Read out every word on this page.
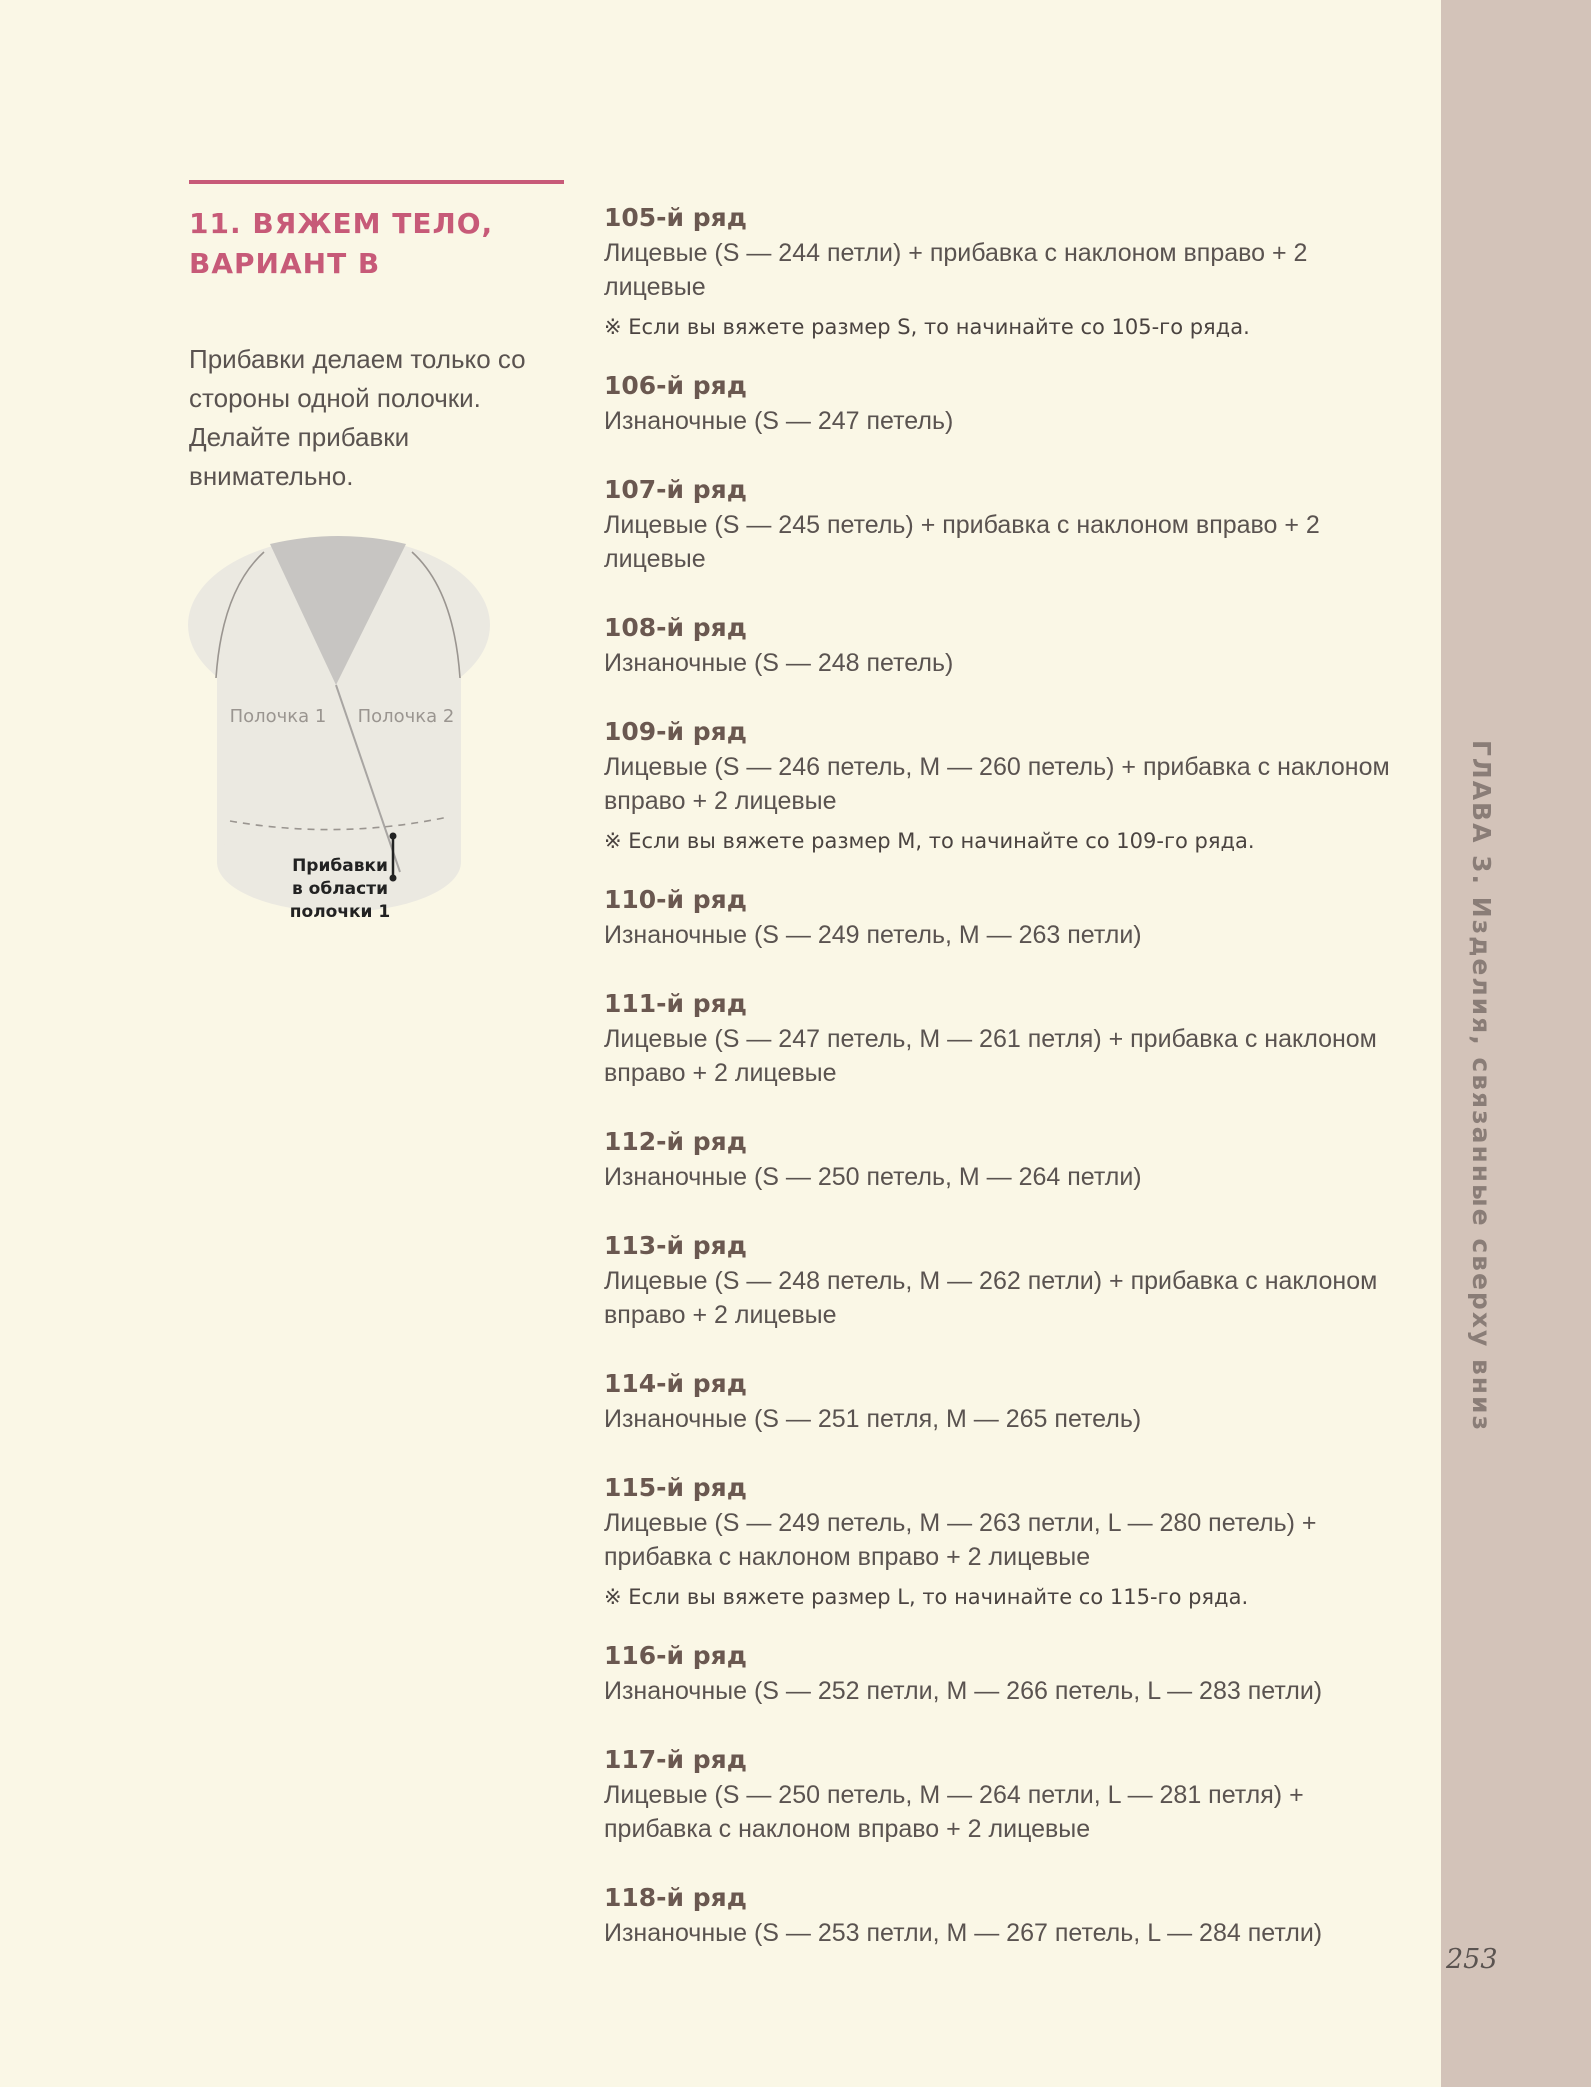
ГЛАВА 3. Изделия, связанные сверху вниз
253
11. ВЯЖЕМ ТЕЛО,
ВАРИАНТ В
Прибавки делаем только со стороны одной полочки. Делайте прибавки внимательно.
Полочка 1 Полочка 2
Прибавки
в области
полочки 1
105-й ряд
Лицевые (S — 244 петли) + прибавка с наклоном вправо + 2 лицевые
※ Если вы вяжете размер S, то начинайте со 105-го ряда.
106-й ряд
Изнаночные (S — 247 петель)
107-й ряд
Лицевые (S — 245 петель) + прибавка с наклоном вправо + 2 лицевые
108-й ряд
Изнаночные (S — 248 петель)
109-й ряд
Лицевые (S — 246 петель, M — 260 петель) + прибавка с наклоном вправо + 2 лицевые
※ Если вы вяжете размер M, то начинайте со 109-го ряда.
110-й ряд
Изнаночные (S — 249 петель, M — 263 петли)
111-й ряд
Лицевые (S — 247 петель, M — 261 петля) + прибавка с наклоном вправо + 2 лицевые
112-й ряд
Изнаночные (S — 250 петель, M — 264 петли)
113-й ряд
Лицевые (S — 248 петель, M — 262 петли) + прибавка с наклоном вправо + 2 лицевые
114-й ряд
Изнаночные (S — 251 петля, M — 265 петель)
115-й ряд
Лицевые (S — 249 петель, M — 263 петли, L — 280 петель) + прибавка с наклоном вправо + 2 лицевые
※ Если вы вяжете размер L, то начинайте со 115-го ряда.
116-й ряд
Изнаночные (S — 252 петли, M — 266 петель, L — 283 петли)
117-й ряд
Лицевые (S — 250 петель, M — 264 петли, L — 281 петля) + прибавка с наклоном вправо + 2 лицевые
118-й ряд
Изнаночные (S — 253 петли, M — 267 петель, L — 284 петли)
